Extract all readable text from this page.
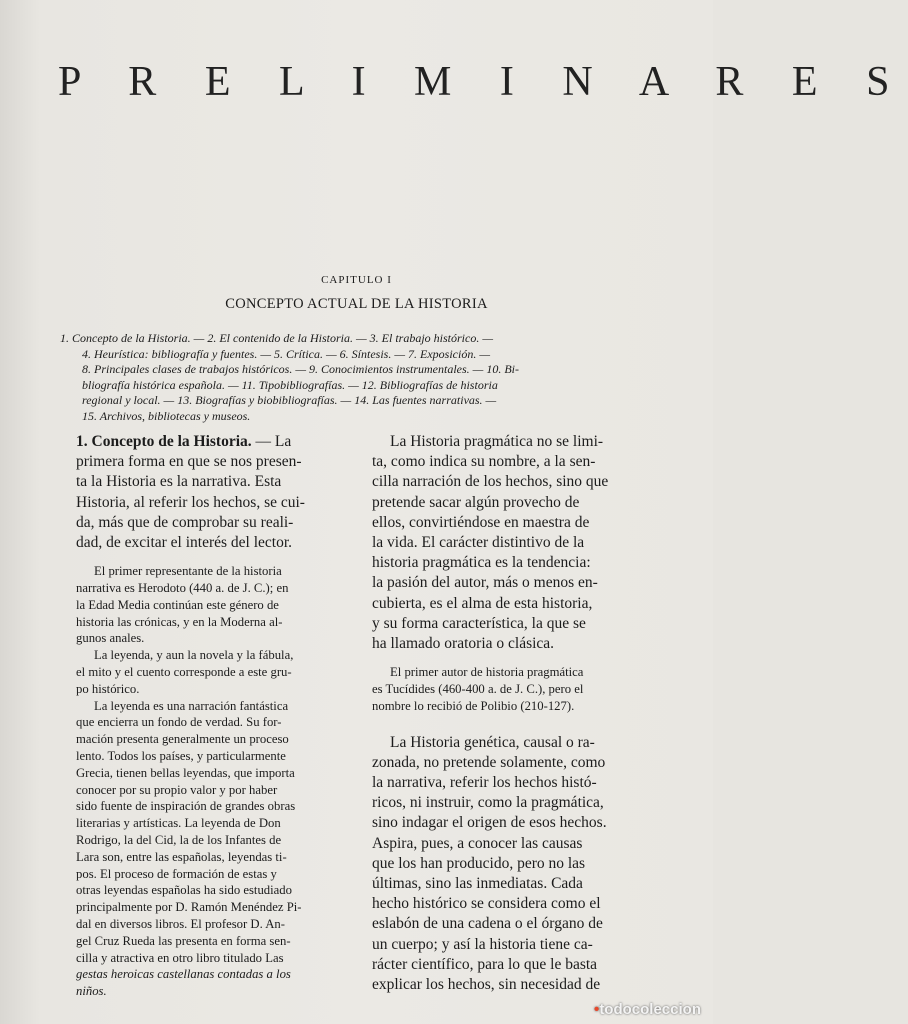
P R E L I M I N A R E S
CAPITULO I
CONCEPTO ACTUAL DE LA HISTORIA
1. Concepto de la Historia. — 2. El contenido de la Historia. — 3. El trabajo histórico. —
4. Heurística: bibliografía y fuentes. — 5. Crítica. — 6. Síntesis. — 7. Exposición. —
8. Principales clases de trabajos históricos. — 9. Conocimientos instrumentales. — 10. Bi-
bliografía histórica española. — 11. Tipobibliografías. — 12. Bibliografías de historia
regional y local. — 13. Biografías y biobibliografías. — 14. Las fuentes narrativas. —
15. Archivos, bibliotecas y museos.
1. Concepto de la Historia. — La
primera forma en que se nos presen-
ta la Historia es la narrativa. Esta
Historia, al referir los hechos, se cui-
da, más que de comprobar su reali-
dad, de excitar el interés del lector.
El primer representante de la historia
narrativa es Herodoto (440 a. de J. C.); en
la Edad Media continúan este género de
historia las crónicas, y en la Moderna al-
gunos anales.
La leyenda, y aun la novela y la fábula,
el mito y el cuento corresponde a este gru-
po histórico.
La leyenda es una narración fantástica
que encierra un fondo de verdad. Su for-
mación presenta generalmente un proceso
lento. Todos los países, y particularmente
Grecia, tienen bellas leyendas, que importa
conocer por su propio valor y por haber
sido fuente de inspiración de grandes obras
literarias y artísticas. La leyenda de Don
Rodrigo, la del Cid, la de los Infantes de
Lara son, entre las españolas, leyendas ti-
pos. El proceso de formación de estas y
otras leyendas españolas ha sido estudiado
principalmente por D. Ramón Menéndez Pi-
dal en diversos libros. El profesor D. An-
gel Cruz Rueda las presenta en forma sen-
cilla y atractiva en otro libro titulado Las
gestas heroicas castellanas contadas a los
niños.
La Historia pragmática no se limi-
ta, como indica su nombre, a la sen-
cilla narración de los hechos, sino que
pretende sacar algún provecho de
ellos, convirtiéndose en maestra de
la vida. El carácter distintivo de la
historia pragmática es la tendencia:
la pasión del autor, más o menos en-
cubierta, es el alma de esta historia,
y su forma característica, la que se
ha llamado oratoria o clásica.
El primer autor de historia pragmática
es Tucídides (460-400 a. de J. C.), pero el
nombre lo recibió de Polibio (210-127).
La Historia genética, causal o ra-
zonada, no pretende solamente, como
la narrativa, referir los hechos histó-
ricos, ni instruir, como la pragmática,
sino indagar el origen de esos hechos.
Aspira, pues, a conocer las causas
que los han producido, pero no las
últimas, sino las inmediatas. Cada
hecho histórico se considera como el
eslabón de una cadena o el órgano de
un cuerpo; y así la historia tiene ca-
rácter científico, para lo que le basta
explicar los hechos, sin necesidad de
•todocoleccion
